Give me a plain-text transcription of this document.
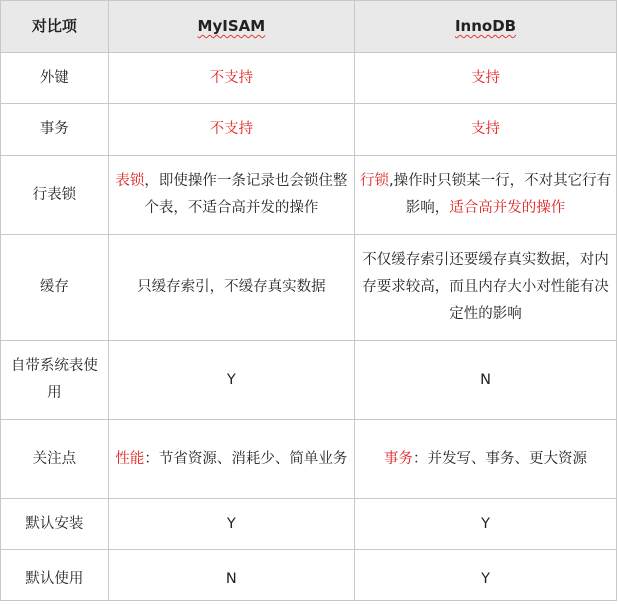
对比项	MyISAM	InnoDB
外键	不支持	支持
事务	不支持	支持
行表锁	表锁，即使操作一条记录也会锁住整个表，不适合高并发的操作	行锁,操作时只锁某一行，不对其它行有影响，适合高并发的操作
缓存	只缓存索引，不缓存真实数据	不仅缓存索引还要缓存真实数据，对内存要求较高，而且内存大小对性能有决定性的影响
自带系统表使用	Y	N
关注点	性能：节省资源、消耗少、简单业务	事务：并发写、事务、更大资源
默认安装	Y	Y
默认使用	N	Y
